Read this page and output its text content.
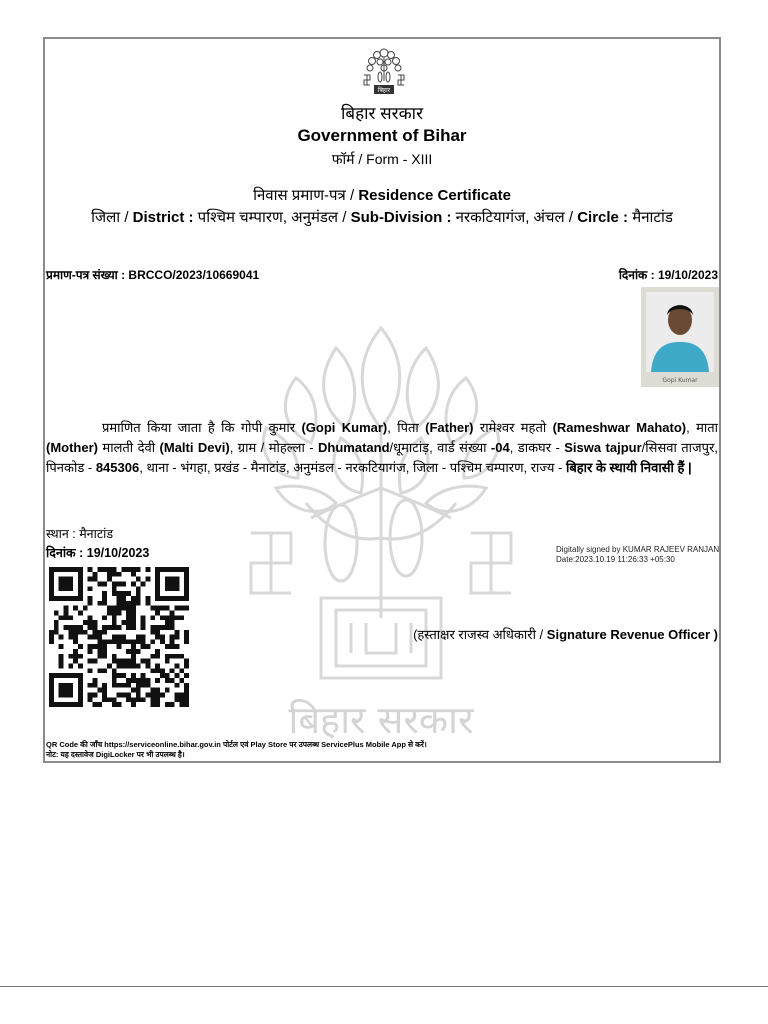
बिहार सरकार
बिहार
बिहार सरकार
Government of Bihar
फॉर्म / Form - XIII
निवास प्रमाण-पत्र / Residence Certificate
जिला / District : पश्चिम चम्पारण, अनुमंडल / Sub-Division : नरकटियागंज, अंचल / Circle : मैनाटांड
प्रमाण-पत्र संख्या : BRCCO/2023/10669041	दिनांक : 19/10/2023
Gopi Kumar
प्रमाणित किया जाता है कि गोपी कुमार (Gopi Kumar), पिता (Father) रामेश्वर महतो (Rameshwar Mahato), माता (Mother) मालती देवी (Malti Devi), ग्राम / मोहल्ला - Dhumatand/धूमाटांड़, वार्ड संख्या -04, डाकघर - Siswa tajpur/सिसवा ताजपुर, पिनकोड - 845306, थाना - भंगहा, प्रखंड - मैनाटांड, अनुमंडल - नरकटियागंज, जिला - पश्चिम चम्पारण, राज्य - बिहार के स्थायी निवासी हैं |
स्थान : मैनाटांड
दिनांक : 19/10/2023	Digitally signed by KUMAR RAJEEV RANJAN
Date:2023.10.19 11:26:33 +05:30
(हस्ताक्षर राजस्व अधिकारी / Signature Revenue Officer )
QR Code की जाँच https://serviceonline.bihar.gov.in पोर्टल एवं Play Store पर उपलब्ध ServicePlus Mobile App से करें।
नोट: यह दस्तावेज DigiLocker पर भी उपलब्ध है।
